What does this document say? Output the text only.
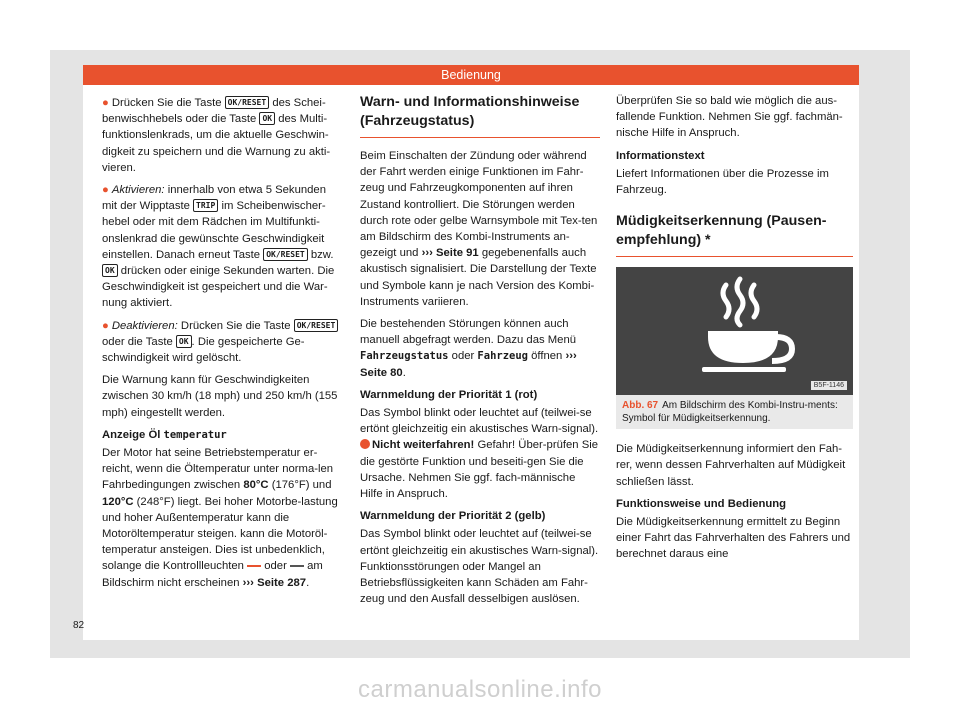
Bedienung

● Drücken Sie die Taste OK/RESET des Schei-benwischhebels oder die Taste OK des Multi-funktionslenkrads, um die aktuelle Geschwin-digkeit zu speichern und die Warnung zu akti-vieren.

● Aktivieren: innerhalb von etwa 5 Sekunden mit der Wipptaste TRIP im Scheibenwischer-hebel oder mit dem Rädchen im Multifunkti-onslenkrad die gewünschte Geschwindigkeit einstellen. Danach erneut Taste OK/RESET bzw. OK drücken oder einige Sekunden warten. Die Geschwindigkeit ist gespeichert und die War-nung aktiviert.

● Deaktivieren: Drücken Sie die Taste OK/RESET oder die Taste OK . Die gespeicherte Ge-schwindigkeit wird gelöscht.

Die Warnung kann für Geschwindigkeiten zwischen 30 km/h (18 mph) und 250 km/h (155 mph) eingestellt werden.

Anzeige Öl temperatur

Der Motor hat seine Betriebstemperatur er-reicht, wenn die Öltemperatur unter norma-len Fahrbedingungen zwischen 80°C (176°F) und 120°C (248°F) liegt. Bei hoher Motorbe-lastung und hoher Außentemperatur kann die Motoröltemperatur steigen. kann die Motoröl-temperatur ansteigen. Dies ist unbedenklich, solange die Kontrollleuchten oder am Bildschirm nicht erscheinen ››› Seite 287.

Warn- und Informationshinweise (Fahrzeugstatus)

Beim Einschalten der Zündung oder während der Fahrt werden einige Funktionen im Fahr-zeug und Fahrzeugkomponenten auf ihren Zustand kontrolliert. Die Störungen werden durch rote oder gelbe Warnsymbole mit Tex-ten am Bildschirm des Kombi-Instruments an-gezeigt und ››› Seite 91 gegebenenfalls auch akustisch signalisiert. Die Darstellung der Texte und Symbole kann je nach Version des Kombi-Instruments variieren.

Die bestehenden Störungen können auch manuell abgefragt werden. Dazu das Menü Fahrzeugstatus oder Fahrzeug öffnen ››› Seite 80.

Warnmeldung der Priorität 1 (rot)

Das Symbol blinkt oder leuchtet auf (teilwei-se ertönt gleichzeitig ein akustisches Warn-signal). Nicht weiterfahren! Gefahr! Über-prüfen Sie die gestörte Funktion und beseiti-gen Sie die Ursache. Nehmen Sie ggf. fach-männische Hilfe in Anspruch.

Warnmeldung der Priorität 2 (gelb)

Das Symbol blinkt oder leuchtet auf (teilwei-se ertönt gleichzeitig ein akustisches Warn-signal). Funktionsstörungen oder Mangel an Betriebsflüssigkeiten kann Schäden am Fahr-zeug und den Ausfall desselbigen auslösen.

Überprüfen Sie so bald wie möglich die aus-fallende Funktion. Nehmen Sie ggf. fachmän-nische Hilfe in Anspruch.

Informationstext

Liefert Informationen über die Prozesse im Fahrzeug.

Müdigkeitserkennung (Pausen-empfehlung) *
B5F-1146
Abb. 67 Am Bildschirm des Kombi-Instru-ments: Symbol für Müdigkeitserkennung.

Die Müdigkeitserkennung informiert den Fah-rer, wenn dessen Fahrverhalten auf Müdigkeit schließen lässt.

Funktionsweise und Bedienung

Die Müdigkeitserkennung ermittelt zu Beginn einer Fahrt das Fahrverhalten des Fahrers und berechnet daraus eine

82
carmanualsonline.info
